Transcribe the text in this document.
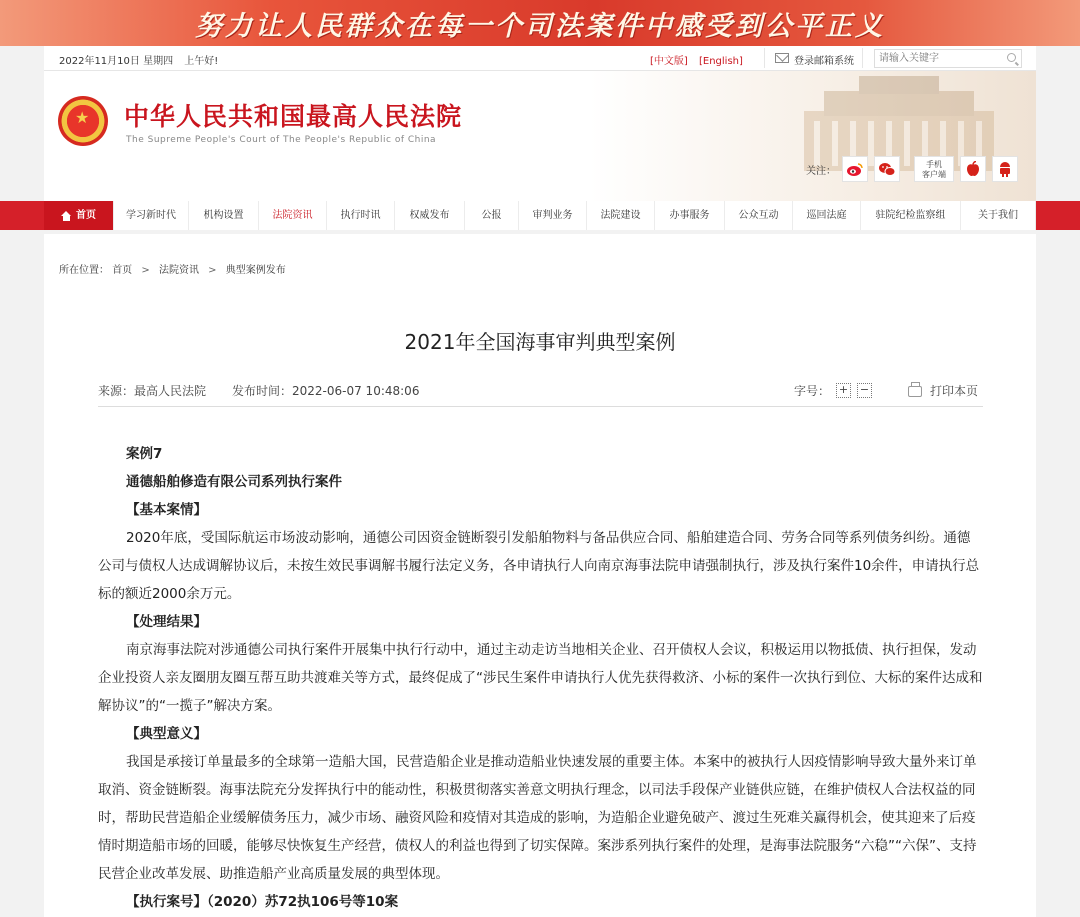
努力让人民群众在每一个司法案件中感受到公平正义
2022年11月10日 星期四 上午好!	[中文版] [English]	登录邮箱系统
请输入关键字
★
中华人民共和国最高人民法院
The Supreme People's Court of The People's Republic of China
关注：
手机
客户端
首页	学习新时代	机构设置	法院资讯	执行时讯	权威发布	公报	审判业务	法院建设	办事服务	公众互动	巡回法庭	驻院纪检监察组	关于我们
所在位置： 首页 > 法院资讯 > 典型案例发布
2021年全国海事审判典型案例
来源：最高人民法院 发布时间：2022-06-07 10:48:06	字号： + −	打印本页
案例7
通德船舶修造有限公司系列执行案件
【基本案情】

2020年底，受国际航运市场波动影响，通德公司因资金链断裂引发船舶物料与备品供应合同、船舶建造合同、劳务合同等系列债务纠纷。通德公司与债权人达成调解协议后，未按生效民事调解书履行法定义务，各申请执行人向南京海事法院申请强制执行，涉及执行案件10余件，申请执行总标的额近2000余万元。

【处理结果】

南京海事法院对涉通德公司执行案件开展集中执行行动中，通过主动走访当地相关企业、召开债权人会议，积极运用以物抵债、执行担保，发动企业投资人亲友圈朋友圈互帮互助共渡难关等方式，最终促成了“涉民生案件申请执行人优先获得救济、小标的案件一次执行到位、大标的案件达成和解协议”的“一揽子”解决方案。

【典型意义】

我国是承接订单量最多的全球第一造船大国，民营造船企业是推动造船业快速发展的重要主体。本案中的被执行人因疫情影响导致大量外来订单取消、资金链断裂。海事法院充分发挥执行中的能动性，积极贯彻落实善意文明执行理念，以司法手段保产业链供应链，在维护债权人合法权益的同时，帮助民营造船企业缓解债务压力，减少市场、融资风险和疫情对其造成的影响，为造船企业避免破产、渡过生死难关赢得机会，使其迎来了后疫情时期造船市场的回暖，能够尽快恢复生产经营，债权人的利益也得到了切实保障。案涉系列执行案件的处理，是海事法院服务“六稳”“六保”、支持民营企业改革发展、助推造船产业高质量发展的典型体现。

【执行案号】（2020）苏72执106号等10案
